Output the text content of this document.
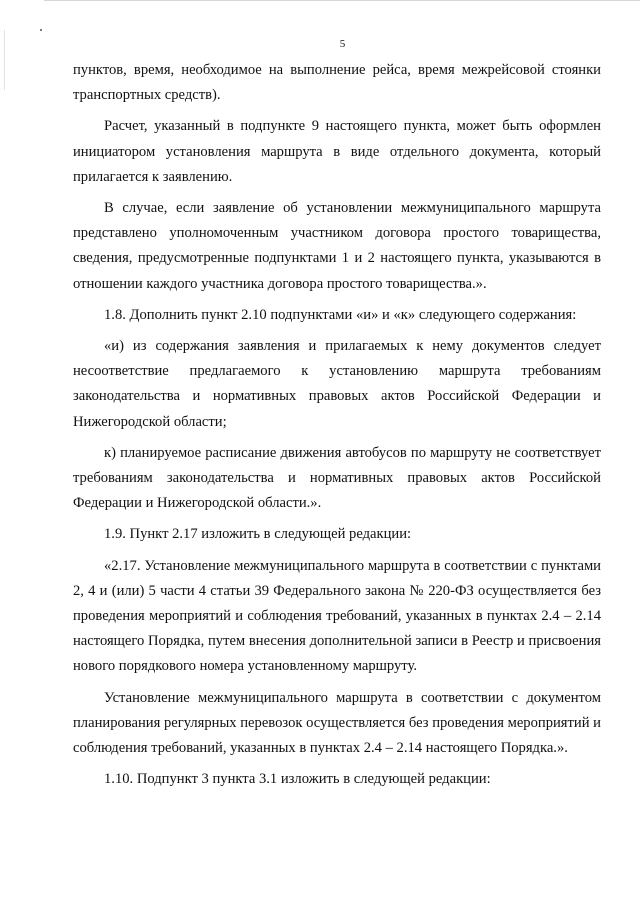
5

пунктов, время, необходимое на выполнение рейса, время межрейсовой стоянки транспортных средств).

Расчет, указанный в подпункте 9 настоящего пункта, может быть оформлен инициатором установления маршрута в виде отдельного документа, который прилагается к заявлению.

В случае, если заявление об установлении межмуниципального маршрута представлено уполномоченным участником договора простого товарищества, сведения, предусмотренные подпунктами 1 и 2 настоящего пункта, указываются в отношении каждого участника договора простого товарищества.».

1.8. Дополнить пункт 2.10 подпунктами «и» и «к» следующего содержания:

«и) из содержания заявления и прилагаемых к нему документов следует несоответствие предлагаемого к установлению маршрута требованиям законодательства и нормативных правовых актов Российской Федерации и Нижегородской области;

к) планируемое расписание движения автобусов по маршруту не соответствует требованиям законодательства и нормативных правовых актов Российской Федерации и Нижегородской области.».

1.9. Пункт 2.17 изложить в следующей редакции:

«2.17. Установление межмуниципального маршрута в соответствии с пунктами 2, 4 и (или) 5 части 4 статьи 39 Федерального закона № 220-ФЗ осуществляется без проведения мероприятий и соблюдения требований, указанных в пунктах 2.4 – 2.14 настоящего Порядка, путем внесения дополнительной записи в Реестр и присвоения нового порядкового номера установленному маршруту.

Установление межмуниципального маршрута в соответствии с документом планирования регулярных перевозок осуществляется без проведения мероприятий и соблюдения требований, указанных в пунктах 2.4 – 2.14 настоящего Порядка.».

1.10. Подпункт 3 пункта 3.1 изложить в следующей редакции:
